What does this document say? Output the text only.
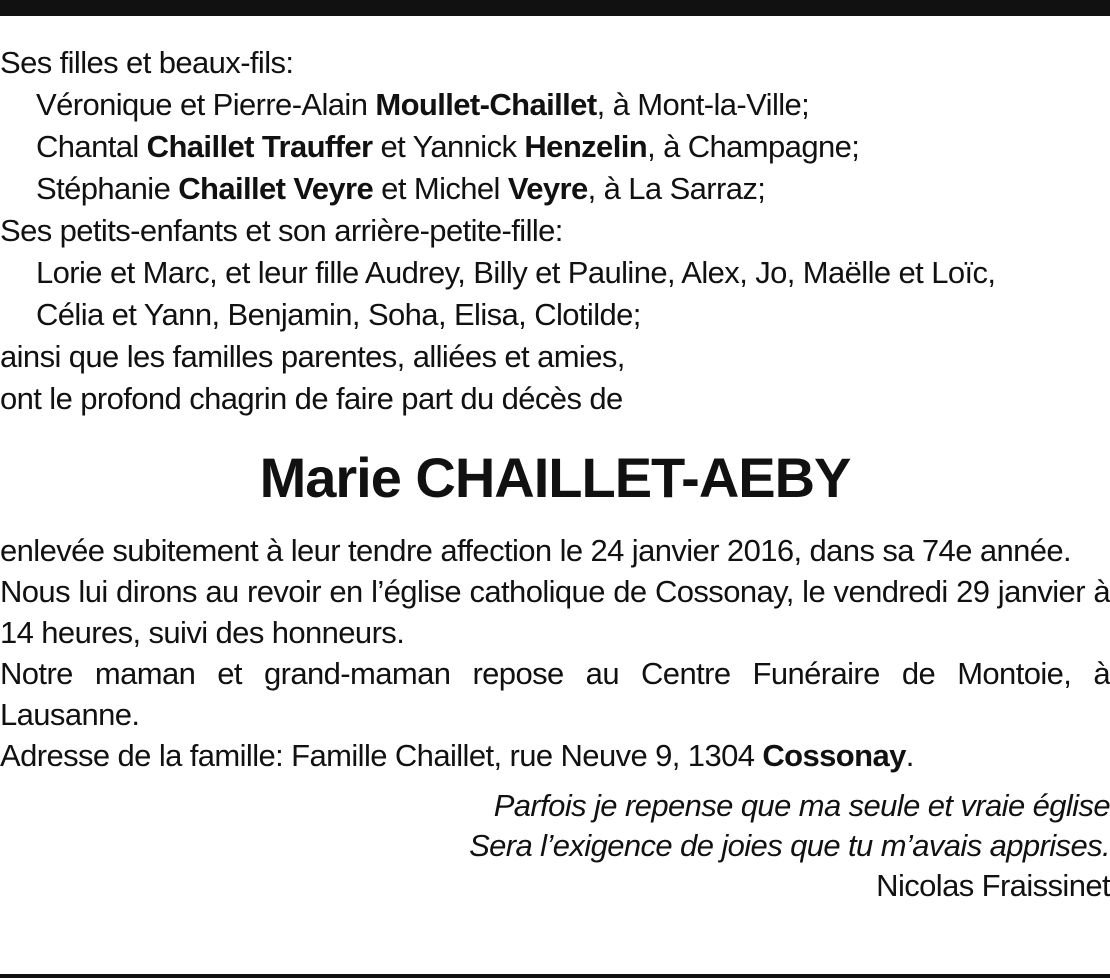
Ses filles et beaux-fils:
Véronique et Pierre-Alain Moullet-Chaillet, à Mont-la-Ville;
Chantal Chaillet Trauffer et Yannick Henzelin, à Champagne;
Stéphanie Chaillet Veyre et Michel Veyre, à La Sarraz;
Ses petits-enfants et son arrière-petite-fille:
Lorie et Marc, et leur fille Audrey, Billy et Pauline, Alex, Jo, Maëlle et Loïc,
Célia et Yann, Benjamin, Soha, Elisa, Clotilde;
ainsi que les familles parentes, alliées et amies,
ont le profond chagrin de faire part du décès de
Marie CHAILLET-AEBY

enlevée subitement à leur tendre affection le 24 janvier 2016, dans sa 74e année.

Nous lui dirons au revoir en l’église catholique de Cossonay, le vendredi 29 janvier à 14 heures, suivi des honneurs.

Notre maman et grand-maman repose au Centre Funéraire de Montoie, à Lausanne.

Adresse de la famille: Famille Chaillet, rue Neuve 9, 1304 Cossonay.

Parfois je repense que ma seule et vraie église
Sera l’exigence de joies que tu m’avais apprises.
Nicolas Fraissinet
